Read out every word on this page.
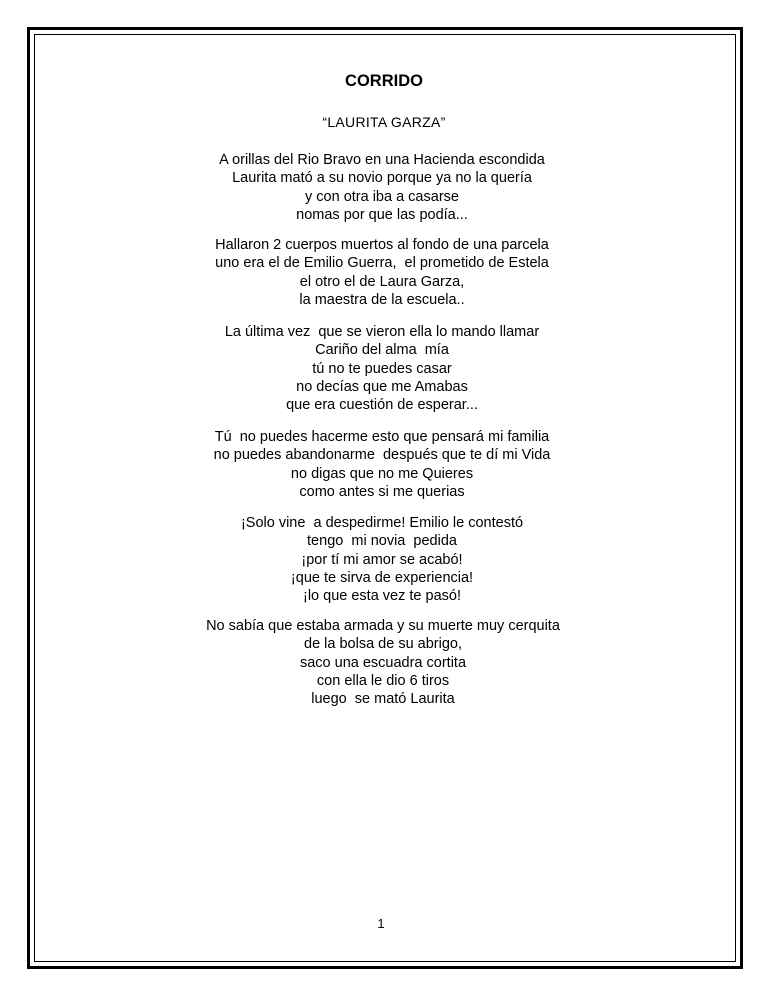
CORRIDO
“LAURITA GARZA”
A orillas del Rio Bravo en una Hacienda escondida
Laurita mató a su novio porque ya no la quería
y con otra iba a casarse
nomas por que las podía...
Hallaron 2 cuerpos muertos al fondo de una parcela
uno era el de Emilio Guerra,  el prometido de Estela
el otro el de Laura Garza,
la maestra de la escuela..
La última vez  que se vieron ella lo mando llamar
Cariño del alma  mía
tú no te puedes casar
no decías que me Amabas
que era cuestión de esperar...
Tú  no puedes hacerme esto que pensará mi familia
no puedes abandonarme  después que te dí mi Vida
no digas que no me Quieres
como antes si me querias
¡Solo vine  a despedirme! Emilio le contestó
tengo  mi novia  pedida
¡por tí mi amor se acabó!
¡que te sirva de experiencia!
¡lo que esta vez te pasó!
No sabía que estaba armada y su muerte muy cerquita
de la bolsa de su abrigo,
saco una escuadra cortita
con ella le dio 6 tiros
luego  se mató Laurita
1
